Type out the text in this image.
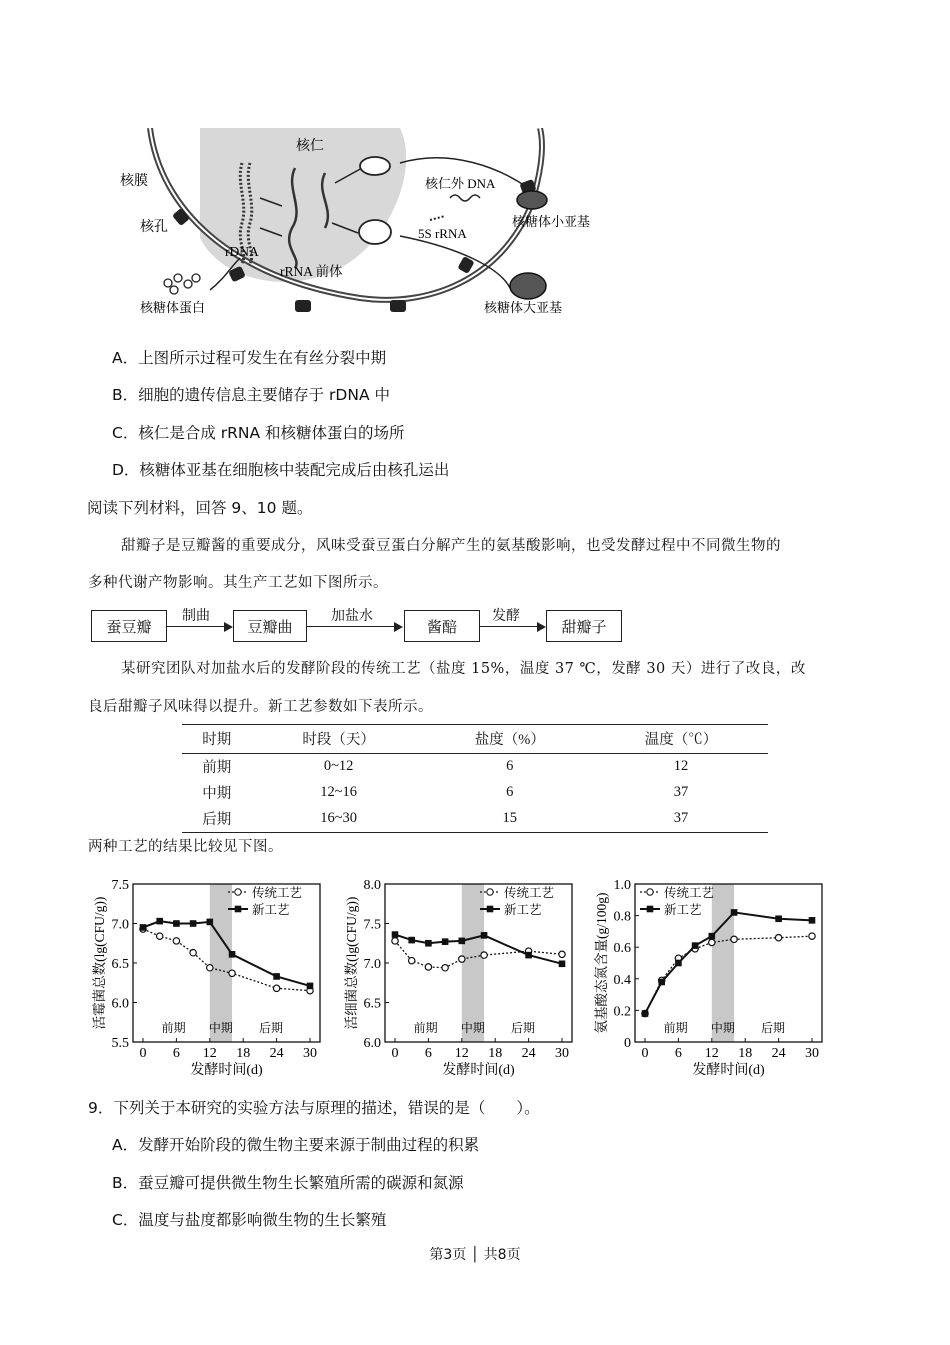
核膜
核孔
核仁
rDNA
rRNA 前体
核仁外 DNA
5S rRNA
核糖体小亚基
核糖体大亚基
核糖体蛋白
A．上图所示过程可发生在有丝分裂中期
B．细胞的遗传信息主要储存于 rDNA 中
C．核仁是合成 rRNA 和核糖体蛋白的场所
D．核糖体亚基在细胞核中装配完成后由核孔运出
阅读下列材料，回答 9、10 题。
甜瓣子是豆瓣酱的重要成分，风味受蚕豆蛋白分解产生的氨基酸影响，也受发酵过程中不同微生物的
多种代谢产物影响。其生产工艺如下图所示。
蚕豆瓣
制曲
豆瓣曲
加盐水
酱醅
发酵
甜瓣子
某研究团队对加盐水后的发酵阶段的传统工艺（盐度 15%，温度 37 ℃，发酵 30 天）进行了改良，改
良后甜瓣子风味得以提升。新工艺参数如下表所示。
时期	时段（天）	盐度（%）	温度（℃）
前期	0~12	6	12
中期	12~16	6	37
后期	16~30	15	37
两种工艺的结果比较见下图。
5.5
6.0
6.5
7.0
7.5
0 6 12 18 24 30
发酵时间(d)
活霉菌总数(lg(CFU/g))	前期 中期 后期
传统工艺
新工艺
6.0
6.5
7.0
7.5
8.0
0 6 12 18 24 30
发酵时间(d)
活细菌总数(lg(CFU/g))	前期 中期 后期
传统工艺
新工艺
0
0.2
0.4
0.6
0.8
1.0
0 6 12 18 24 30
发酵时间(d)
氨基酸态氮含量(g/100g)	前期 中期 后期
传统工艺
新工艺
9．下列关于本研究的实验方法与原理的描述，错误的是（　　）。
A．发酵开始阶段的微生物主要来源于制曲过程的积累
B．蚕豆瓣可提供微生物生长繁殖所需的碳源和氮源
C．温度与盐度都影响微生物的生长繁殖
第3页 │ 共8页
